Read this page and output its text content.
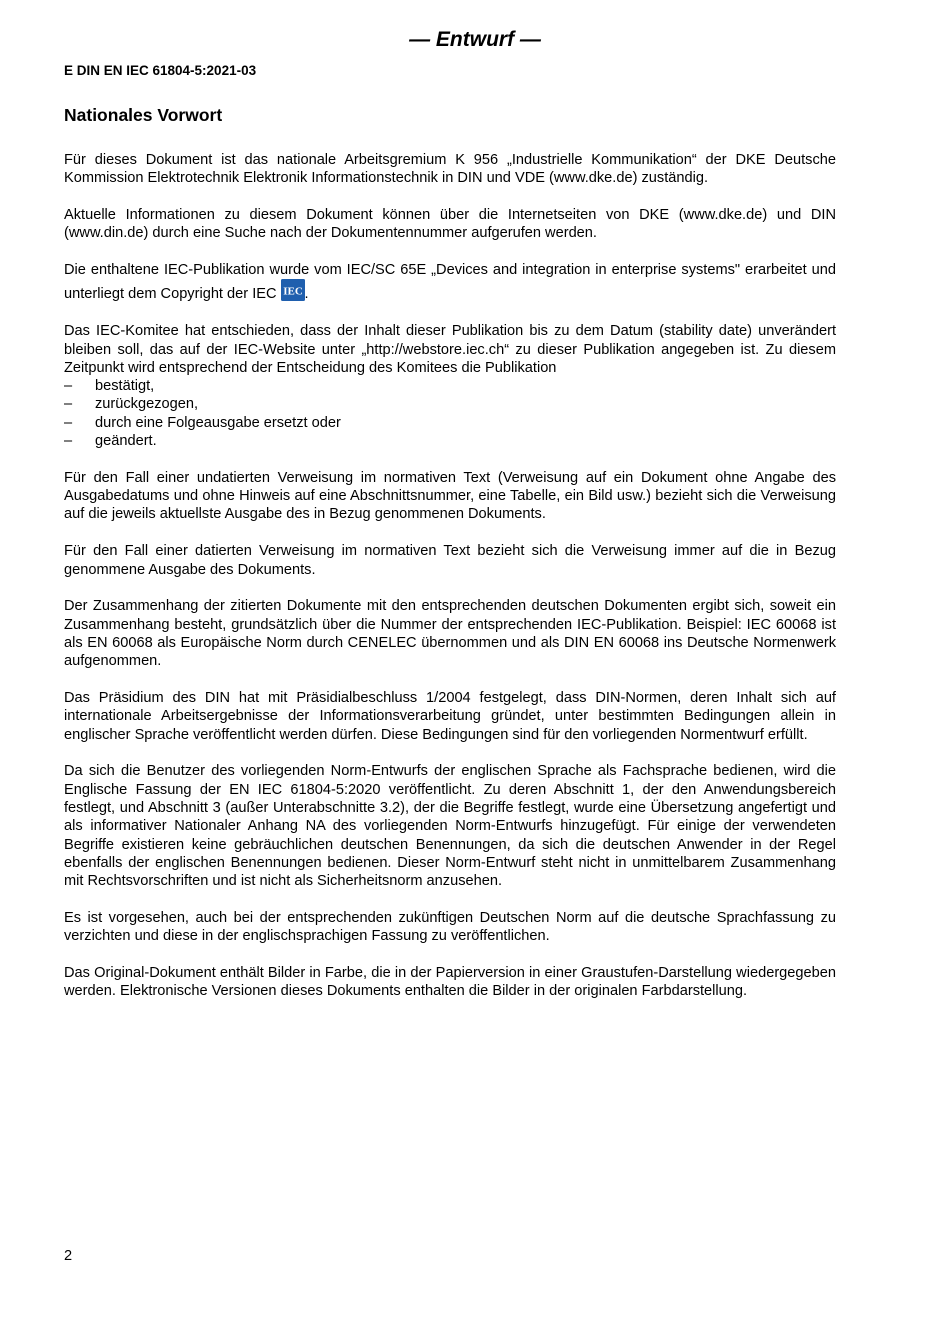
— Entwurf —
E DIN EN IEC 61804-5:2021-03
Nationales Vorwort

Für dieses Dokument ist das nationale Arbeitsgremium K 956 „Industrielle Kommunikation“ der DKE Deutsche Kommission Elektrotechnik Elektronik Informationstechnik in DIN und VDE (www.dke.de) zuständig.

Aktuelle Informationen zu diesem Dokument können über die Internetseiten von DKE (www.dke.de) und DIN (www.din.de) durch eine Suche nach der Dokumentennummer aufgerufen werden.

Die enthaltene IEC-Publikation wurde vom IEC/SC 65E „Devices and integration in enterprise systems" erarbeitet und unterliegt dem Copyright der IEC IEC .

Das IEC-Komitee hat entschieden, dass der Inhalt dieser Publikation bis zu dem Datum (stability date) unverändert bleiben soll, das auf der IEC-Website unter „http://webstore.iec.ch“ zu dieser Publikation angegeben ist. Zu diesem Zeitpunkt wird entsprechend der Entscheidung des Komitees die Publikation

– bestätigt,
– zurückgezogen,
– durch eine Folgeausgabe ersetzt oder
– geändert.

Für den Fall einer undatierten Verweisung im normativen Text (Verweisung auf ein Dokument ohne Angabe des Ausgabedatums und ohne Hinweis auf eine Abschnittsnummer, eine Tabelle, ein Bild usw.) bezieht sich die Verweisung auf die jeweils aktuellste Ausgabe des in Bezug genommenen Dokuments.

Für den Fall einer datierten Verweisung im normativen Text bezieht sich die Verweisung immer auf die in Bezug genommene Ausgabe des Dokuments.

Der Zusammenhang der zitierten Dokumente mit den entsprechenden deutschen Dokumenten ergibt sich, soweit ein Zusammenhang besteht, grundsätzlich über die Nummer der entsprechenden IEC-Publikation. Beispiel: IEC 60068 ist als EN 60068 als Europäische Norm durch CENELEC übernommen und als DIN EN 60068 ins Deutsche Normenwerk aufgenommen.

Das Präsidium des DIN hat mit Präsidialbeschluss 1/2004 festgelegt, dass DIN-Normen, deren Inhalt sich auf internationale Arbeitsergebnisse der Informationsverarbeitung gründet, unter bestimmten Bedingungen allein in englischer Sprache veröffentlicht werden dürfen. Diese Bedingungen sind für den vorliegenden Normentwurf erfüllt.

Da sich die Benutzer des vorliegenden Norm-Entwurfs der englischen Sprache als Fachsprache bedienen, wird die Englische Fassung der EN IEC 61804-5:2020 veröffentlicht. Zu deren Abschnitt 1, der den Anwendungsbereich festlegt, und Abschnitt 3 (außer Unterabschnitte 3.2), der die Begriffe festlegt, wurde eine Übersetzung angefertigt und als informativer Nationaler Anhang NA des vorliegenden Norm-Entwurfs hinzugefügt. Für einige der verwendeten Begriffe existieren keine gebräuchlichen deutschen Benennungen, da sich die deutschen Anwender in der Regel ebenfalls der englischen Benennungen bedienen. Dieser Norm-Entwurf steht nicht in unmittelbarem Zusammenhang mit Rechtsvorschriften und ist nicht als Sicherheitsnorm anzusehen.

Es ist vorgesehen, auch bei der entsprechenden zukünftigen Deutschen Norm auf die deutsche Sprachfassung zu verzichten und diese in der englischsprachigen Fassung zu veröffentlichen.

Das Original-Dokument enthält Bilder in Farbe, die in der Papierversion in einer Graustufen-Darstellung wiedergegeben werden. Elektronische Versionen dieses Dokuments enthalten die Bilder in der originalen Farbdarstellung.

2
